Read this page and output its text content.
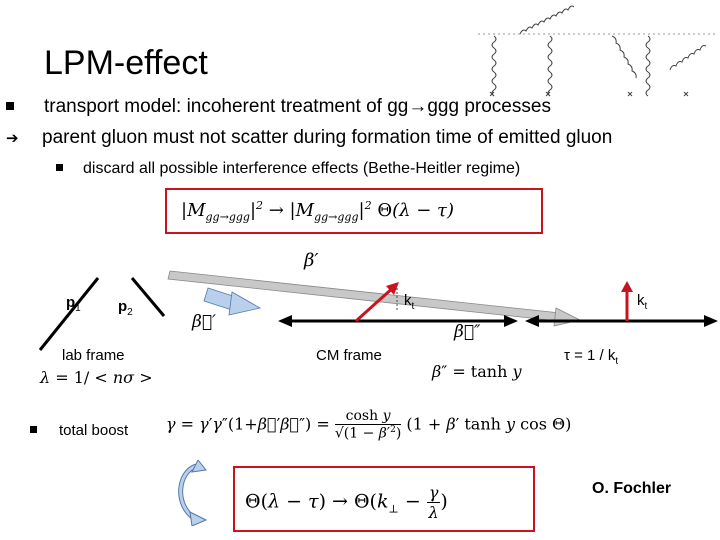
LPM-effect
transport model: incoherent treatment of gg→ggg processes
➔ parent gluon must not scatter during formation time of emitted gluon
discard all possible interference effects (Bethe-Heitler regime)
$|M_{gg\to ggg}|^2 \to |M_{gg\to ggg}|^2$ Θ(λ − τ)
β′
$p_1$ $p_2$	β⃗′
$k_t$
β⃗″
$k_t$
lab frame	CM frame	$\tau = 1 / k_t$
λ = 1/ < nσ >	β″ = tanh y
total boost γ = γ′γ″(1+β⃗′β⃗″) = $\frac{\text{cosh y}}{√(1 - \beta'^2)} (1 + \beta'$ tanh y cos Θ)
$\Theta(\lambda - \tau) \to \Theta(k_\perp - \frac{\gamma}{\lambda}$ )
O. Fochler
